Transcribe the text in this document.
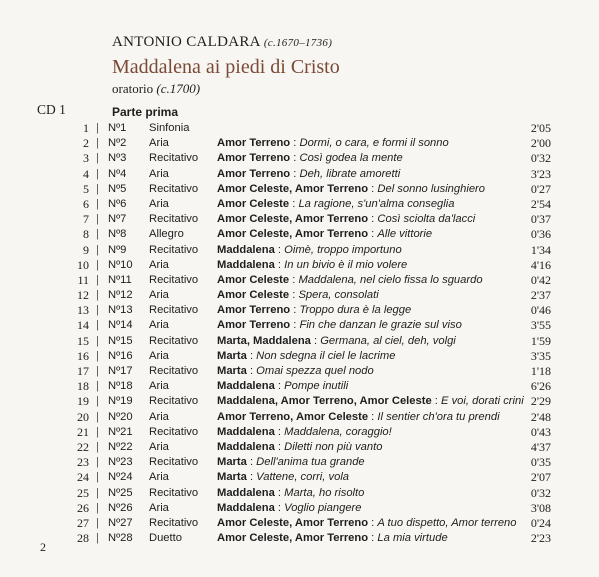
ANTONIO CALDARA (c.1670–1736)
Maddalena ai piedi di Cristo
oratorio (c.1700)
CD 1	Parte prima
1 | Nº1 Sinfonia	2'05
2 | Nº2 Aria	Amor Terreno : Dormi, o cara, e formi il sonno	2'00
3 | Nº3 Recitativo Amor Terreno : Così godea la mente	0'32
4 | Nº4 Aria	Amor Terreno : Deh, librate amoretti	3'23
5 | Nº5 Recitativo Amor Celeste, Amor Terreno : Del sonno lusinghiero	0'27
6 | Nº6 Aria	Amor Celeste : La ragione, s'un'alma conseglia	2'54
7 | Nº7 Recitativo Amor Celeste, Amor Terreno : Così sciolta da'lacci	0'37
8 | Nº8 Allegro	Amor Celeste, Amor Terreno : Alle vittorie	0'36
9 | Nº9 Recitativo Maddalena : Oimè, troppo importuno	1'34
10 | Nº10 Aria	Maddalena : In un bivio è il mio volere	4'16
11 | Nº11 Recitativo Amor Celeste : Maddalena, nel cielo fissa lo sguardo	0'42
12 | Nº12 Aria	Amor Celeste : Spera, consolati	2'37
13 | Nº13 Recitativo Amor Terreno : Troppo dura è la legge	0'46
14 | Nº14 Aria	Amor Terreno : Fin che danzan le grazie sul viso	3'55
15 | Nº15 Recitativo Marta, Maddalena : Germana, al ciel, deh, volgi	1'59
16 | Nº16 Aria	Marta : Non sdegna il ciel le lacrime	3'35
17 | Nº17 Recitativo Marta : Omai spezza quel nodo	1'18
18 | Nº18 Aria	Maddalena : Pompe inutili	6'26
19 | Nº19 Recitativo Maddalena, Amor Terreno, Amor Celeste : E voi, dorati crini 2'29
20 | Nº20 Aria	Amor Terreno, Amor Celeste : Il sentier ch'ora tu prendi	2'48
21 | Nº21 Recitativo Maddalena : Maddalena, coraggio!	0'43
22 | Nº22 Aria	Maddalena : Diletti non più vanto	4'37
23 | Nº23 Recitativo Marta : Dell'anima tua grande	0'35
24 | Nº24 Aria	Marta : Vattene, corri, vola	2'07
25 | Nº25 Recitativo Maddalena : Marta, ho risolto	0'32
26 | Nº26 Aria	Maddalena : Voglio piangere	3'08
27 | Nº27 Recitativo Amor Celeste, Amor Terreno : A tuo dispetto, Amor terreno 0'24
28 | Nº28 Duetto	Amor Celeste, Amor Terreno : La mia virtude	2'23
2
